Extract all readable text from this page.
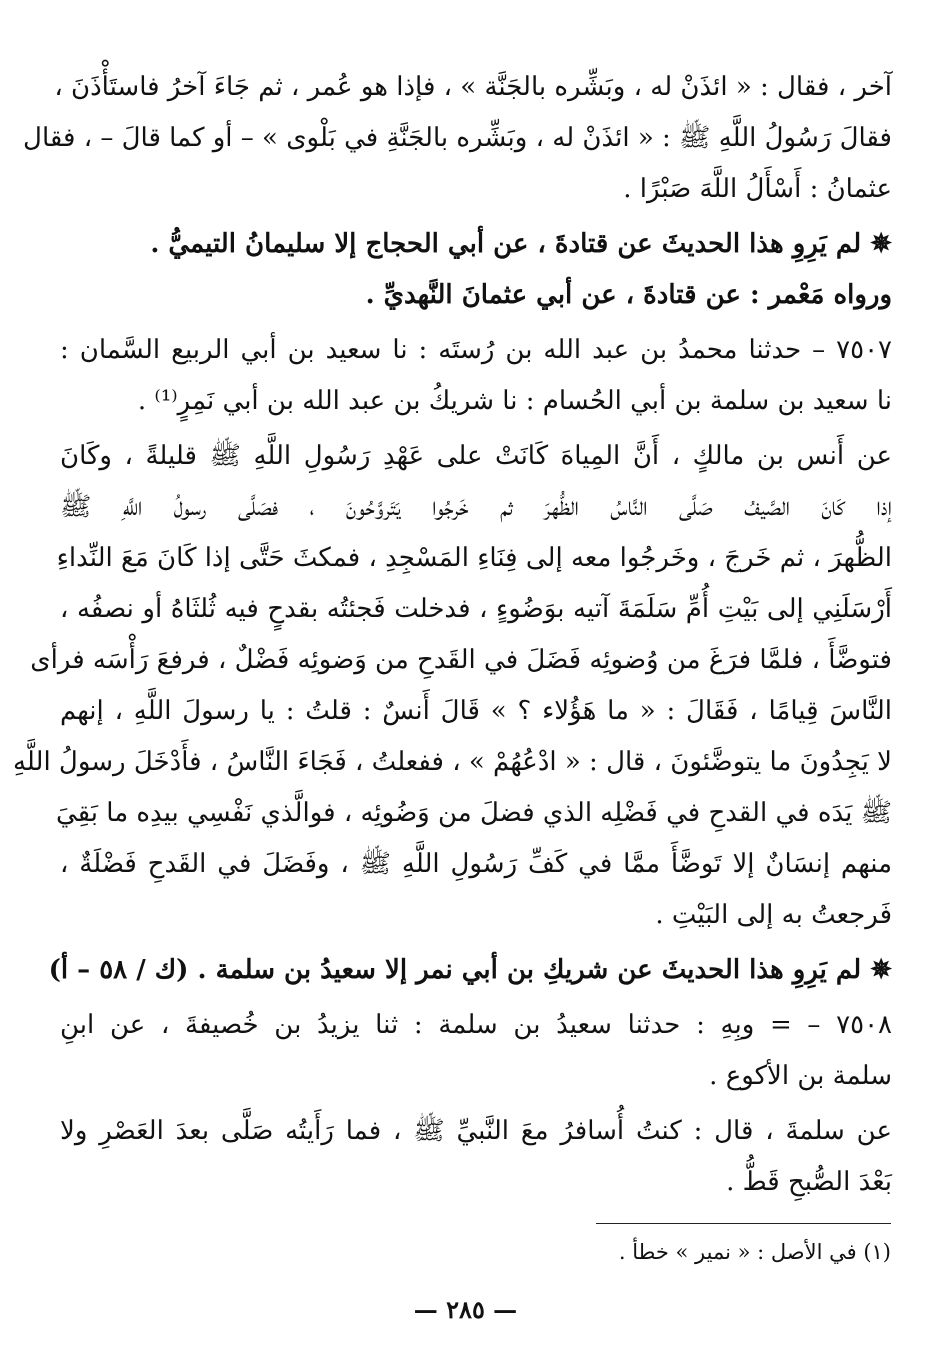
آخر ، فقال : « ائذَنْ له ، وبَشِّره بالجَنَّة » ، فإذا هو عُمر ، ثم جَاءَ آخرُ فاستَأْذَنَ ،
فقالَ رَسُولُ اللَّهِ ﷺ : « ائذَنْ له ، وبَشِّره بالجَنَّةِ في بَلْوى » – أو كما قالَ – ، فقال
عثمانُ : أَسْأَلُ اللَّهَ صَبْرًا .
✵ لم يَرِوِ هذا الحديثَ عن قتادةَ ، عن أبي الحجاج إلا سليمانُ التيميُّ .
ورواه مَعْمر : عن قتادةَ ، عن أبي عثمانَ النَّهديِّ .
٧٥٠٧ – حدثنا محمدُ بن عبد الله بن رُستَه : نا سعيد بن أبي الربيع السَّمان :
نا سعيد بن سلمة بن أبي الحُسام : نا شريكُ بن عبد الله بن أبي نَمِرٍ⁽¹⁾ .
عن أَنس بن مالكٍ ، أَنَّ المِياهَ كَانَتْ على عَهْدِ رَسُولِ اللَّهِ ﷺ قليلةً ، وكَانَ
إذا كَانَ الصَّيفُ صَلَّى النَّاسُ الظُّهرَ ثم خَرجُوا يَتَروَّحُونَ ، فصَلَّى رسولُ اللَّهِ ﷺ
الظُّهرَ ، ثم خَرجَ ، وخَرجُوا معه إلى فِنَاءِ المَسْجِدِ ، فمكثَ حَتَّى إذا كَانَ مَعَ النِّداءِ
أَرْسَلَنِي إلى بَيْتِ أُمِّ سَلَمَةَ آتيه بوَضُوءٍ ، فدخلت فَجئتُه بقدحٍ فيه ثُلثَاهُ أو نصفُه ،
فتوضَّأَ ، فلمَّا فرَغَ من وُضوئِه فَضَلَ في القَدحِ من وَضوئِه فَضْلٌ ، فرفعَ رَأْسَه فرأى
النَّاسَ قِيامًا ، فَقَالَ : « ما هَؤُلاء ؟ » قَالَ أَنسٌ : قلتُ : يا رسولَ اللَّهِ ، إنهم
لا يَجِدُونَ ما يتوضَّئونَ ، قال : « ادْعُهُمْ » ، ففعلتُ ، فَجَاءَ النَّاسُ ، فأَدْخَلَ رسولُ اللَّهِ
ﷺ يَدَه في القدحِ في فَضْلِه الذي فضلَ من وَضُوئِه ، فوالَّذي نَفْسِي بيدِه ما بَقِيَ
منهم إنسَانٌ إلا تَوضَّأَ ممَّا في كَفِّ رَسُولِ اللَّهِ ﷺ ، وفَضَلَ في القَدحِ فَضْلَةٌ ،
فَرجعتُ به إلى البَيْتِ .
✵ لم يَرِوِ هذا الحديثَ عن شريكِ بن أبي نمر إلا سعيدُ بن سلمة . (ك / ٥٨ – أ)
٧٥٠٨ – = وبِهِ : حدثنا سعيدُ بن سلمة : ثنا يزيدُ بن خُصيفةَ ، عن ابنِ
سلمة بن الأكوع .
عن سلمةَ ، قال : كنتُ أُسافرُ معَ النَّبيِّ ﷺ ، فما رَأَيتُه صَلَّى بعدَ العَصْرِ ولا
بَعْدَ الصُّبحِ قَطُّ .
(١) في الأصل : « نمير » خطأ .
— ٢٨٥ —
